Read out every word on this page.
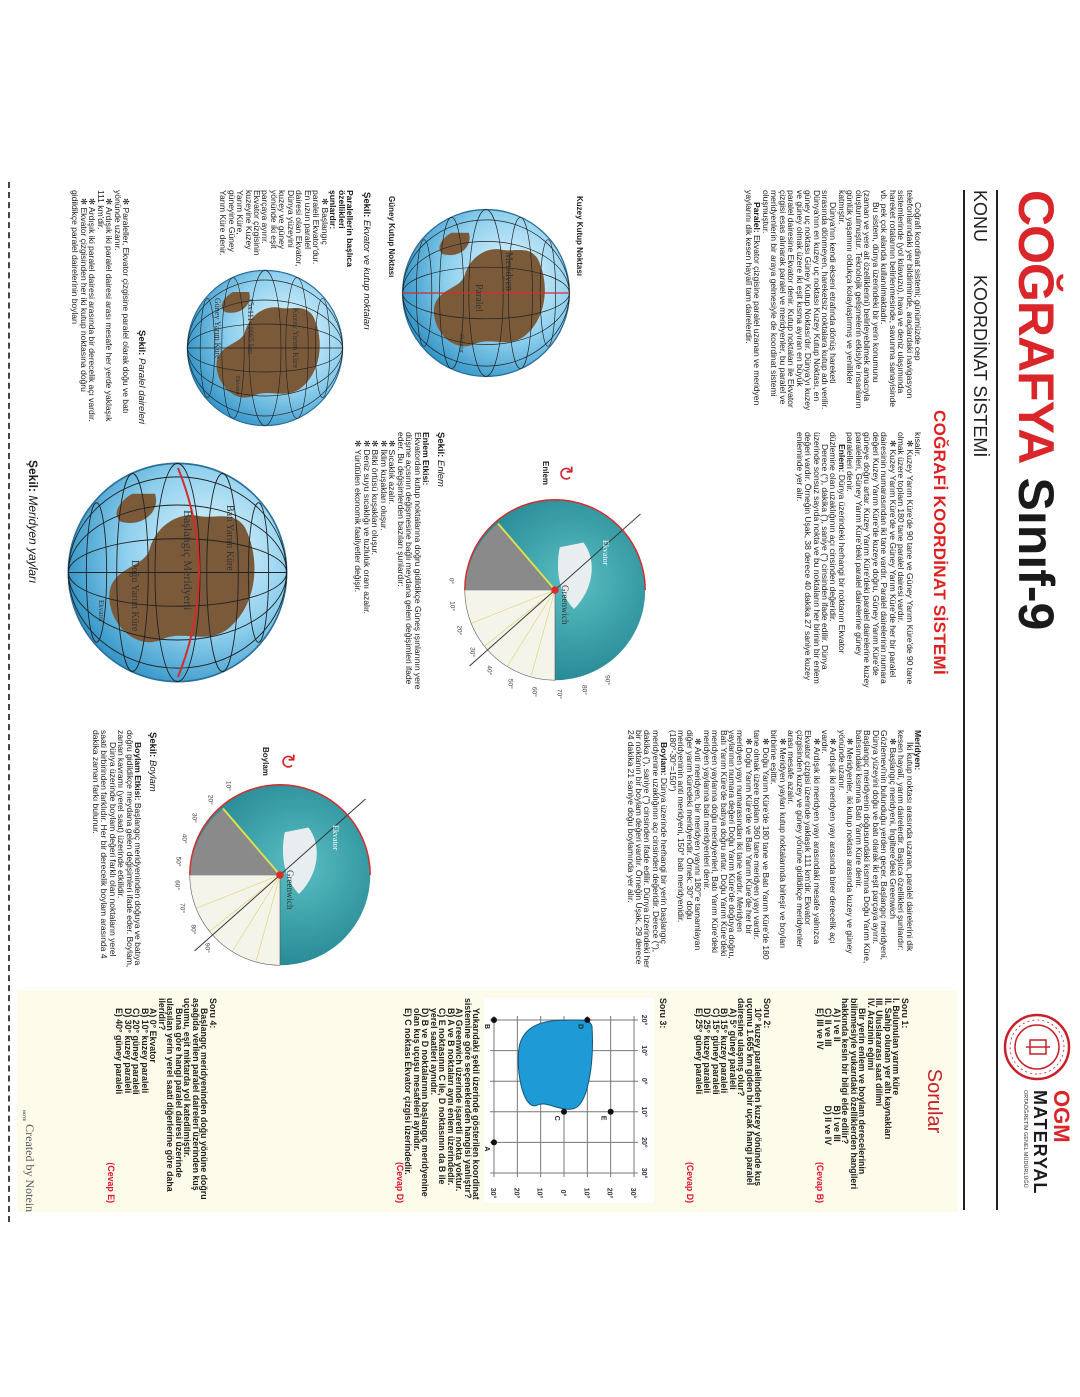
COĞRAFYA
Sınıf-9
OGM
MATERYAL
ORTAÖĞRETİM GENEL MÜDÜRLÜĞÜ
KONU KOORDİNAT SİSTEMİ
COĞRAFİ KOORDİNAT SİSTEMİ

Coğrafi koordinat sistemi; günümüzde cep telefonlarındaki yer bildiriminde, araçlardaki navigasyon sistemlerinde (yol kılavuzu), hava ve deniz ulaşımında hareket rotalarının belirlenmesinde, savunma sanayisinde vb. pek çok alanda kullanılmaktadır.

Bu sistem, dünya üzerindeki bir yerin konumunu (zaman ve yere ait özelliklerini) belirleyebilmek amacıyla oluşturulmuştur. Teknolojik gelişmelerin etkisiyle insanların günlük yaşamını oldukça kolaylaştırmış ve yenilikler katmıştır.

Dünya'nın kendi ekseni etrafında dönüş hareketi sırasında dönmeyen, hareketsiz noktalara kutup adı verilir. Dünya'nın en kuzey uç noktası Kuzey Kutup Noktası, en güney uç noktası Güney Kutup Noktası'dır. Dünya'yı kuzey ve güney olmak üzere iki eşit kısma ayıran en büyük paralel dairesine Ekvator denir. Kutup noktaları ile Ekvator çizgisi esas alınarak paralel ve meridyenler, bu paralel ve meridyenlerin bir araya gelmesiyle de koordinat sistemi oluşmuştur.

Paralel: Ekvator çizgisine paralel uzanan ve meridyen yaylarını dik kesen hayalî tam dairelerdir.

Kuzey Kutup Noktası
Meridyen
Paralel
Ekvator
Güney Kutup Noktası
Şekil: Ekvator ve kutup noktaları

Paralellerin başlıca özellikleri şunlardır:

✻ Başlangıç paraleli Ekvator'dur. En uzun paralel dairesi olan Ekvator, Dünya yüzeyini kuzey ve güney yönünde iki eşit parçaya ayırır. Ekvator çizgisinin kuzeyine Kuzey Yarım Küre, güneyine Güney Yarım Küre denir.

Kuzey Yarım Küre
Güney Yarım Küre	15x111=1665 km
Ekvator
Şekil: Paralel daireleri

✻ Paraleller, Ekvator çizgisine paralel olarak doğu ve batı yönünde uzanır.

✻ Ardışık iki paralel dairesi arası mesafe her yerde yaklaşık 111 km'dir.

✻ Ardışık iki paralel dairesi arasında bir derecelik açı vardır.

✻ Ekvator çizgisinden her iki kutup noktasına doğru gidildikçe paralel dairelerinin boyları

kısalır.

✻ Kuzey Yarım Küre'de 90 tane ve Güney Yarım Küre'de 90 tane olmak üzere toplam 180 tane paralel dairesi vardır.

✻ Kuzey Yarım Küre'de ve Güney Yarım Küre'de her bir paralel dairesinin numarasından iki tane vardır. Paralel dairelerinin numara değeri Kuzey Yarım Küre'de kuzeye doğru, Güney Yarım Küre'de güneye doğru artar. Kuzey Yarım Küre'deki paralel dairelerine kuzey paralelleri, Güney Yarım Küre'deki paralel dairelerine güney paralelleri denir.

Enlem: Dünya üzerindeki herhangi bir noktanın Ekvator düzlemine olan uzaklığının açı cinsinden değeridir.

Derece (°), dakika ('), saniye (") cinsinden ifade edilir. Dünya üzerinde sonsuz sayıda nokta ve bu noktaların her birinin bir enlem değeri vardır. Örneğin Uşak, 38 derece 40 dakika 27 saniye kuzey enleminde yer alır.

Ekvator
Greenwich
↻
Enlem
90°
80°
70°
60°
50°
40°
30°
20°
10°
0°
Şekil: Enlem

Enlem Etkisi:

Ekvatordan kutup noktalarına doğru gidildikçe Güneş ışınlarının yere düşme açısının değişmesine bağlı meydana gelen değişimleri ifade eder. Bu değişimlerden bazıları şunlardır:

✻ Sıcaklık azalır.

✻ İklim kuşakları oluşur.

✻ Bitki örtüsü kuşakları oluşur.

✻ Deniz suyu sıcaklığı ve tuzluluk oranı azalır.

✻ Yürütülen ekonomik faaliyetler değişir.

Batı Yarım Küre
Başlangıç Meridyeni
Doğu Yarım Küre
Ekvator
Şekil: Meridyen yayları

Meridyen:

İki kutup noktası arasında uzanan, paralel dairelerini dik kesen hayalî, yarım dairelerdir. Başlıca özellikleri şunlardır:

✻ Başlangıç meridyeni, İngiltere'deki Greenwich Gözlemevi'nin bulunduğu yerden geçer. Başlangıç meridyeni, Dünya yüzeyini doğu ve batı olarak iki eşit parçaya ayırır. Başlangıç meridyenin doğusundaki kısmına Doğu Yarım Küre, batısındaki kısmına Batı Yarım Küre denir.

✻ Meridyenler, iki kutup noktası arasında kuzey ve güney yönünde uzanır.

✻ Ardışık iki meridyen yayı arasında birer derecelik açı vardır.

✻ Ardışık iki meridyen yayı arasındaki mesafe yalnızca Ekvator çizgisi üzerinde yaklaşık 111 km'dir. Ekvator çizgisinden kuzey ve güney yönüne gidildikçe meridyenler arası mesafe azalır.

✻ Meridyen yayları kutup noktalarında birleşir ve boyları birbirine eşittir.

✻ Doğu Yarım Küre'de 180 tane ve Batı Yarım Küre'de 180 tane olmak üzere toplam 360 tane meridyen yayı vardır.

✻ Doğu Yarım Küre'de ve Batı Yarım Küre'de her bir meridyen yayı numarasından iki tane vardır. Meridyen yaylarının numara değeri Doğu Yarım Küre'de doğuya doğru, Batı Yarım Küre'de batıya doğru artar. Doğu Yarım Küre'deki meridyen yaylarına doğu meridyenleri, Batı Yarım Küre'deki meridyen yaylarına batı meridyenleri denir.

✻ Anti meridyen, bir meridyen yayını 180°'e tamamlayan diğer yarım küredeki meridyendir. Örnek: 30° doğu meridyeninin anti meridyeni, 150° batı meridyenidir. (180°-30°=150°)

Boylam: Dünya üzerinde herhangi bir yerin başlangıç meridyenine uzaklığının açı cinsinden değeridir. Derece (°), dakika ('), saniye (") cinsinden ifade edilir. Dünya üzerindeki her bir noktanın bir boylam değeri vardır. Örneğin Uşak, 29 derece 24 dakika 21 saniye doğu boylamında yer alır.

Ekvator
Greenwich
↻
Boylam
10°
20°
30°
40°
50°
60°
70°
80°
90°
Şekil: Boylam

Boylam Etkisi: Başlangıç meridyeninden doğuya ve batıya doğru gidildikçe meydana gelen değişimleri ifade eder. Boylam, zaman kavramı (yerel saat) üzerinde etkilidir.

Dünya üzerinde boylam değeri farklı olan noktaların yerel saati birbirinden farklıdır. Her bir derecelik boylam arasında 4 dakika zaman farkı bulunur.

Sorular

Soru 1:

I. Bulunulan yarım küre

II. Sahip olunan yer altı kaynakları

III. Uluslararası saat dilimi

IV. Arazinin eğimi

Bir yerin enlem ve boylam derecelerinin bilinmesiyle yukarıdaki özelliklerden hangileri hakkında kesin bir bilgi elde edilir?

A) I ve II
B) I ve III
C) II ve III
D) II ve IV
E) III ve IV
(Cevap B)

Soru 2:

10° kuzey paralelinden kuzey yönünde kuş uçumu 1.665 km giden bir uçak hangi paralel dairesine ulaşmış olur?

A) 5° güney paraleli

B) 15° kuzey paraleli

C) 15° güney paraleli

D) 25° kuzey paraleli

E) 25° güney paraleli

(Cevap D)

Soru 3:

20°
10°
0°
10°
20°
30°
30°
20°
10°
0°
10°
20°
30°
A
B
C
D
E

Yukarıdaki şekil üzerinde gösterilen koordinat sistemine göre seçeneklerden hangisi yanlıştır?

A) Greenwich üzerinde işaretli nokta yoktur.

B) A ve B noktaları aynı enlem üzerindedir.

C) E noktasının C ile, D noktasının da B ile yerel saatleri aynıdır.

D) B ve D noktalarının başlangıç meridyenine olan kuş uçuşu mesafeleri aynıdır.

E) C noktası Ekvator çizgisi üzerindedir.

(Cevap D)

Soru 4:

Başlangıç meridyeninden doğu yönüne doğru aşağıda verilen paralel daireleri üzerinden kuş uçumu, eşit miktarda yol katedilmiştir.

Buna göre hangi paralel dairesi üzerinde ulaşılan yerin yerel saati diğerlerine göre daha ileridir?

A) 0° Ekvator

B) 10° kuzey paraleli

C) 20° güney paraleli

D) 30° kuzey paraleli

E) 40° güney paraleli

(Cevap E)

NOTE
Created by Notein
